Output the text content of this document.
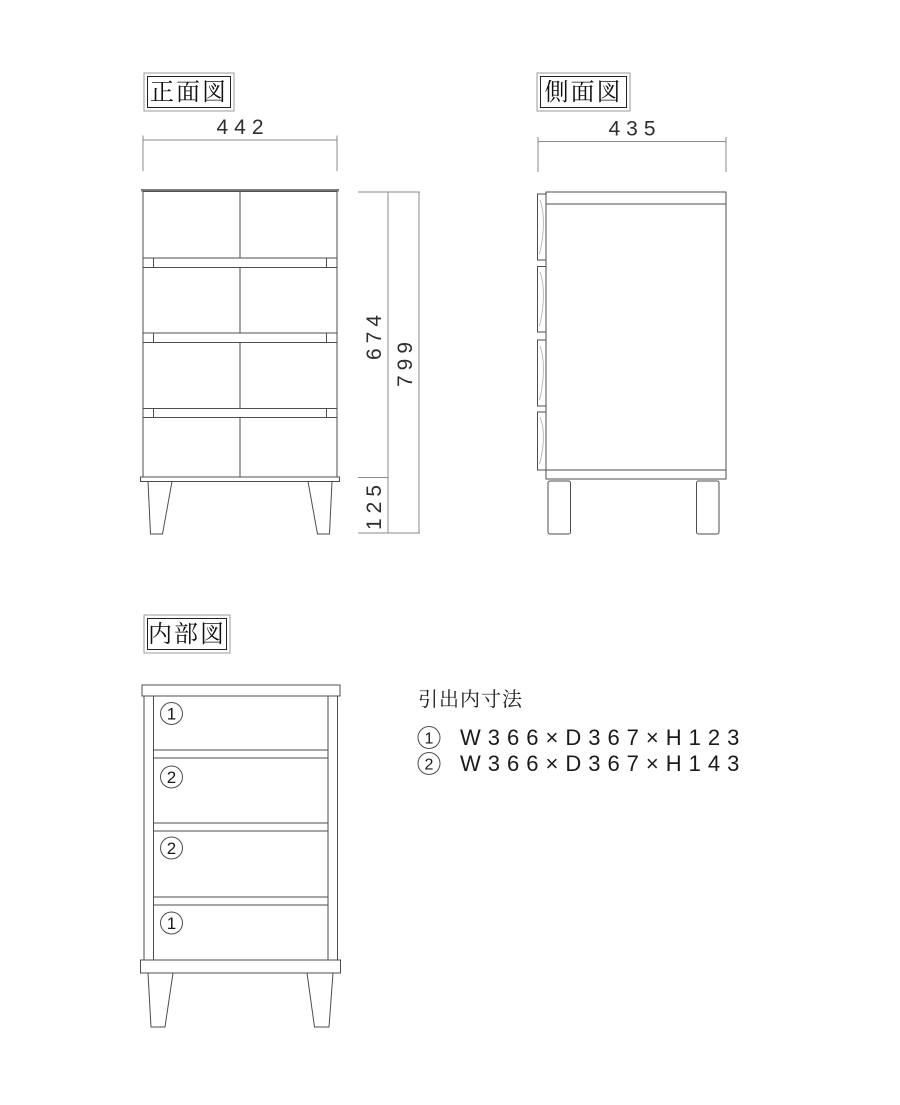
正面図
442
674
799
125
側面図
435
内部図
1
2
2
1
引出内寸法
1 W366×D367×H123
2 W366×D367×H143
